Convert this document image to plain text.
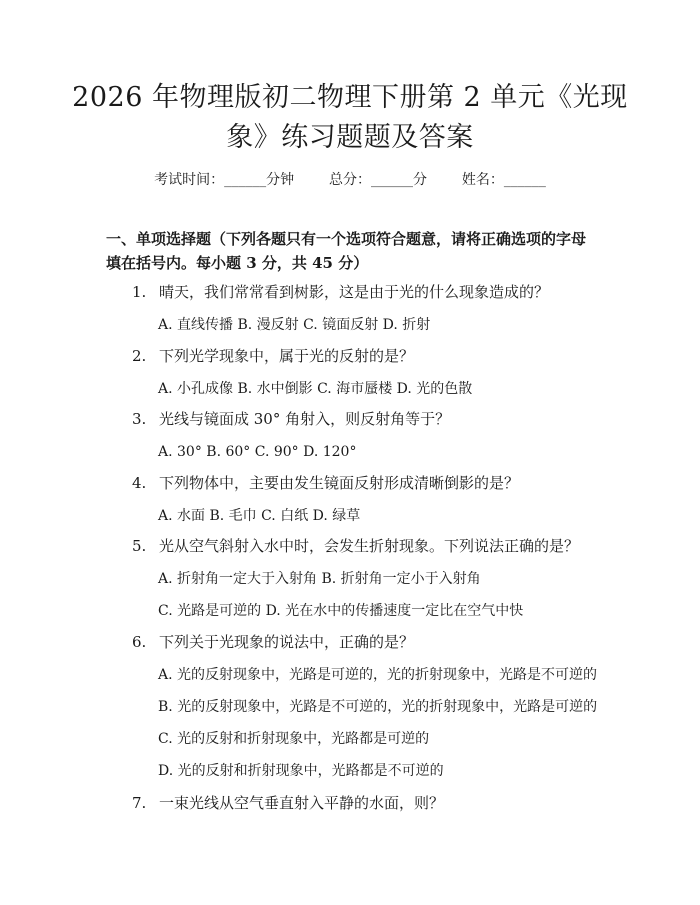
2026 年物理版初二物理下册第 2 单元《光现
象》练习题题及答案
考试时间：______分钟 总分：______分 姓名：______
一、单项选择题（下列各题只有一个选项符合题意，请将正确选项的字母填在括号内。每小题 3 分，共 45 分）
1. 晴天，我们常常看到树影，这是由于光的什么现象造成的？
A. 直线传播 B. 漫反射 C. 镜面反射 D. 折射
2. 下列光学现象中，属于光的反射的是？
A. 小孔成像 B. 水中倒影 C. 海市蜃楼 D. 光的色散
3. 光线与镜面成 30° 角射入，则反射角等于？
A. 30° B. 60° C. 90° D. 120°
4. 下列物体中，主要由发生镜面反射形成清晰倒影的是？
A. 水面 B. 毛巾 C. 白纸 D. 绿草
5. 光从空气斜射入水中时，会发生折射现象。下列说法正确的是？
A. 折射角一定大于入射角 B. 折射角一定小于入射角
C. 光路是可逆的 D. 光在水中的传播速度一定比在空气中快
6. 下列关于光现象的说法中，正确的是？
A. 光的反射现象中，光路是可逆的，光的折射现象中，光路是不可逆的
B. 光的反射现象中，光路是不可逆的，光的折射现象中，光路是可逆的
C. 光的反射和折射现象中，光路都是可逆的
D. 光的反射和折射现象中，光路都是不可逆的
7. 一束光线从空气垂直射入平静的水面，则？
